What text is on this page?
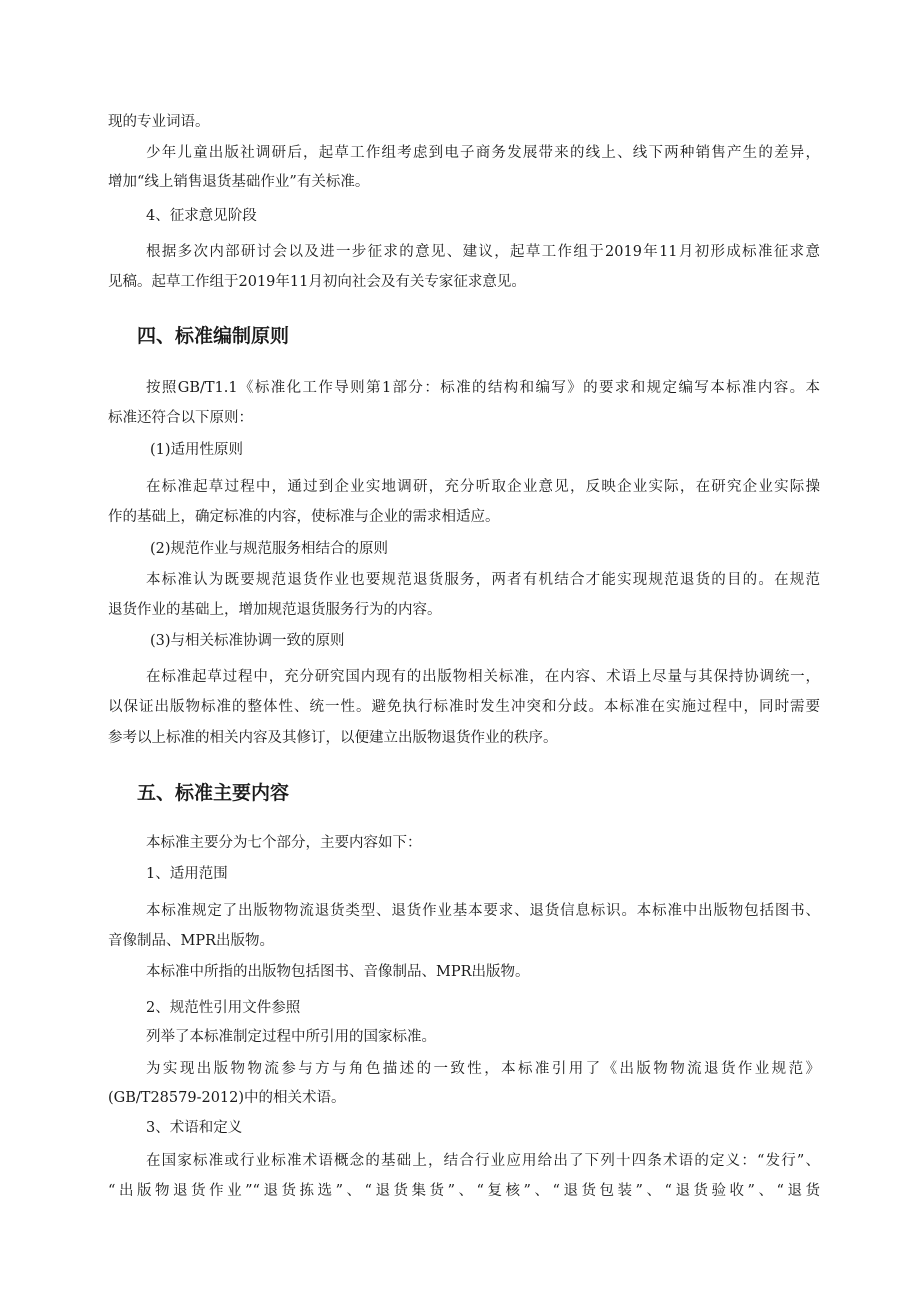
现的专业词语。

少年儿童出版社调研后，起草工作组考虑到电子商务发展带来的线上、线下两种销售产生的差异，

增加“线上销售退货基础作业”有关标准。

4、征求意见阶段

根据多次内部研讨会以及进一步征求的意见、建议，起草工作组于2019年11月初形成标准征求意

见稿。起草工作组于2019年11月初向社会及有关专家征求意见。

四、标准编制原则

按照GB/T1.1《标准化工作导则第1部分：标准的结构和编写》的要求和规定编写本标准内容。本

标准还符合以下原则：

(1)适用性原则

在标准起草过程中，通过到企业实地调研，充分听取企业意见，反映企业实际，在研究企业实际操

作的基础上，确定标准的内容，使标准与企业的需求相适应。

(2)规范作业与规范服务相结合的原则

本标准认为既要规范退货作业也要规范退货服务，两者有机结合才能实现规范退货的目的。在规范

退货作业的基础上，增加规范退货服务行为的内容。

(3)与相关标准协调一致的原则

在标准起草过程中，充分研究国内现有的出版物相关标准，在内容、术语上尽量与其保持协调统一，

以保证出版物标准的整体性、统一性。避免执行标准时发生冲突和分歧。本标准在实施过程中，同时需要

参考以上标准的相关内容及其修订，以便建立出版物退货作业的秩序。

五、标准主要内容

本标准主要分为七个部分，主要内容如下：

1、适用范围

本标准规定了出版物物流退货类型、退货作业基本要求、退货信息标识。本标准中出版物包括图书、

音像制品、MPR出版物。

本标准中所指的出版物包括图书、音像制品、MPR出版物。

2、规范性引用文件参照

列举了本标准制定过程中所引用的国家标准。

为实现出版物物流参与方与角色描述的一致性，本标准引用了《出版物物流退货作业规范》

(GB/T28579-2012)中的相关术语。

3、术语和定义

在国家标准或行业标准术语概念的基础上，结合行业应用给出了下列十四条术语的定义：“发行”、

“出版物退货作业”“退货拣选”、“退货集货”、“复核”、“退货包装”、“退货验收”、“退货
